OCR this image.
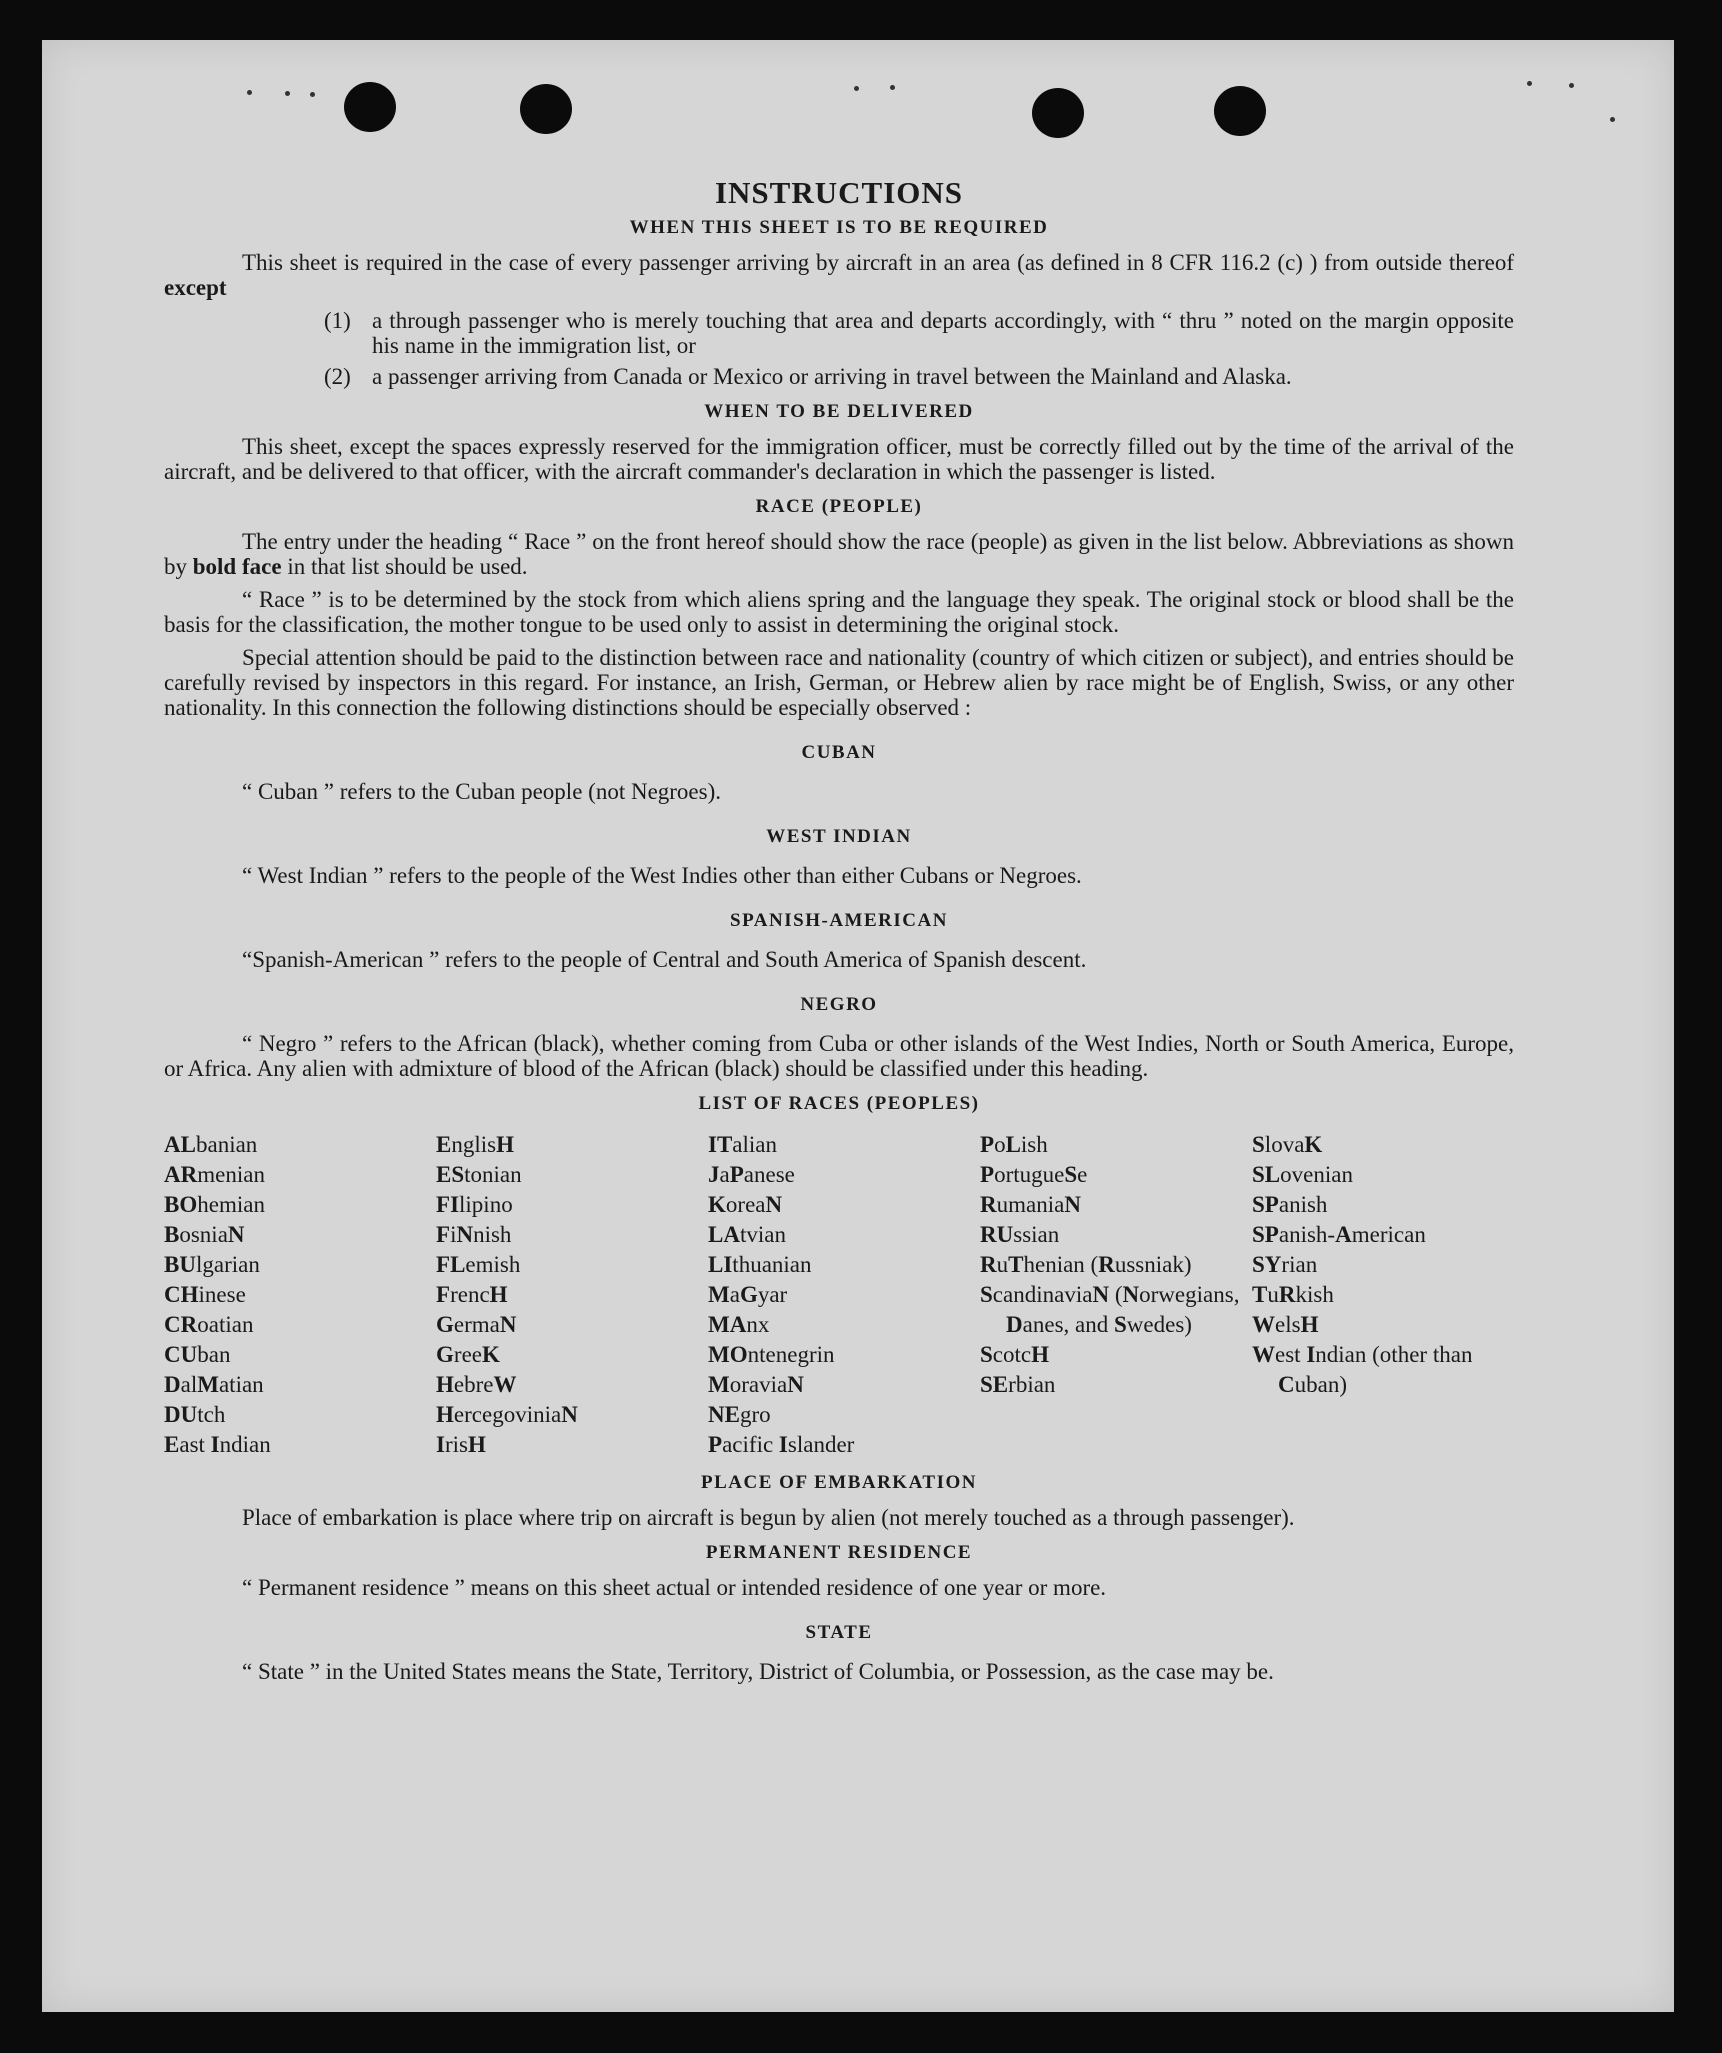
INSTRUCTIONS
WHEN THIS SHEET IS TO BE REQUIRED

This sheet is required in the case of every passenger arriving by aircraft in an area (as defined in 8 CFR 116.2 (c) ) from outside thereof except

(1) a through passenger who is merely touching that area and departs accordingly, with “ thru ” noted on the margin opposite his name in the immigration list, or
(2) a passenger arriving from Canada or Mexico or arriving in travel between the Mainland and Alaska.
WHEN TO BE DELIVERED

This sheet, except the spaces expressly reserved for the immigration officer, must be correctly filled out by the time of the arrival of the aircraft, and be delivered to that officer, with the aircraft commander's declaration in which the passenger is listed.

RACE (PEOPLE)

The entry under the heading “ Race ” on the front hereof should show the race (people) as given in the list below. Abbreviations as shown by bold face in that list should be used.

“ Race ” is to be determined by the stock from which aliens spring and the language they speak. The original stock or blood shall be the basis for the classification, the mother tongue to be used only to assist in determining the original stock.

Special attention should be paid to the distinction between race and nationality (country of which citizen or subject), and entries should be carefully revised by inspectors in this regard. For instance, an Irish, German, or Hebrew alien by race might be of English, Swiss, or any other nationality. In this connection the following distinctions should be especially observed :

CUBAN

“ Cuban ” refers to the Cuban people (not Negroes).

WEST INDIAN

“ West Indian ” refers to the people of the West Indies other than either Cubans or Negroes.

SPANISH-AMERICAN

“Spanish-American ” refers to the people of Central and South America of Spanish descent.

NEGRO

“ Negro ” refers to the African (black), whether coming from Cuba or other islands of the West Indies, North or South America, Europe, or Africa. Any alien with admixture of blood of the African (black) should be classified under this heading.

LIST OF RACES (PEOPLES)
ALbanian
ARmenian
BOhemian
BosniaN
BUlgarian
CHinese
CRoatian
CUban
DalMatian
DUtch
East Indian
EnglisH
EStonian
FIlipino
FiNnish
FLemish
FrencH
GermaN
GreeK
HebreW
HercegoviniaN
IrisH
ITalian
JaPanese
KoreaN
LAtvian
LIthuanian
MaGyar
MAnx
MOntenegrin
MoraviaN
NEgro
Pacific Islander
PoLish
PortugueSe
RumaniaN
RUssian
RuThenian (Russniak)
ScandinaviaN (Norwegians, Danes, and Swedes)
ScotcH
SErbian
SlovaK
SLovenian
SPanish
SPanish-American
SYrian
TuRkish
WelsH
West Indian (other than Cuban)
PLACE OF EMBARKATION

Place of embarkation is place where trip on aircraft is begun by alien (not merely touched as a through passenger).

PERMANENT RESIDENCE

“ Permanent residence ” means on this sheet actual or intended residence of one year or more.

STATE

“ State ” in the United States means the State, Territory, District of Columbia, or Possession, as the case may be.
